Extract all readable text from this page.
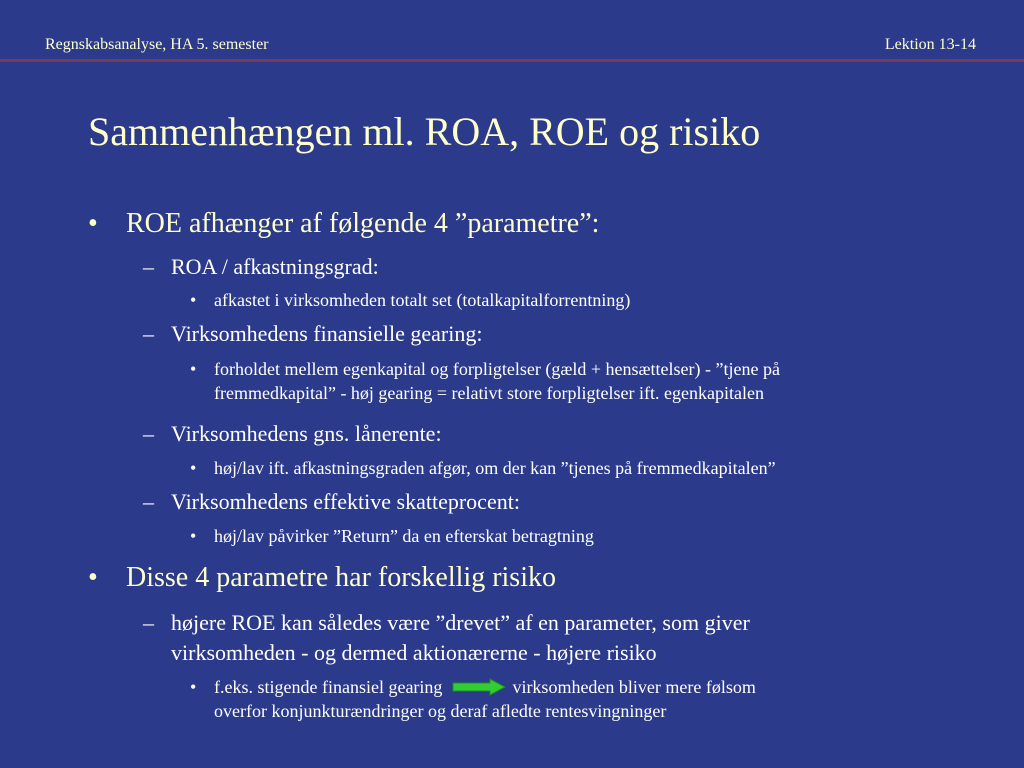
Regnskabsanalyse, HA 5. semester	Lektion 13-14
Sammenhængen ml. ROA, ROE og risiko
• ROE afhænger af følgende 4 ”parametre”:
– ROA / afkastningsgrad:
• afkastet i virksomheden totalt set (totalkapitalforrentning)
– Virksomhedens finansielle gearing:
• forholdet mellem egenkapital og forpligtelser (gæld + hensættelser) - ”tjene på
fremmedkapital” - høj gearing = relativt store forpligtelser ift. egenkapitalen
– Virksomhedens gns. lånerente:
• høj/lav ift. afkastningsgraden afgør, om der kan ”tjenes på fremmedkapitalen”
– Virksomhedens effektive skatteprocent:
• høj/lav påvirker ”Return” da en efterskat betragtning
• Disse 4 parametre har forskellig risiko
– højere ROE kan således være ”drevet” af en parameter, som giver
virksomheden - og dermed aktionærerne - højere risiko
• f.eks. stigende finansiel gearing	virksomheden bliver mere følsom
overfor konjunkturændringer og deraf afledte rentesvingninger
